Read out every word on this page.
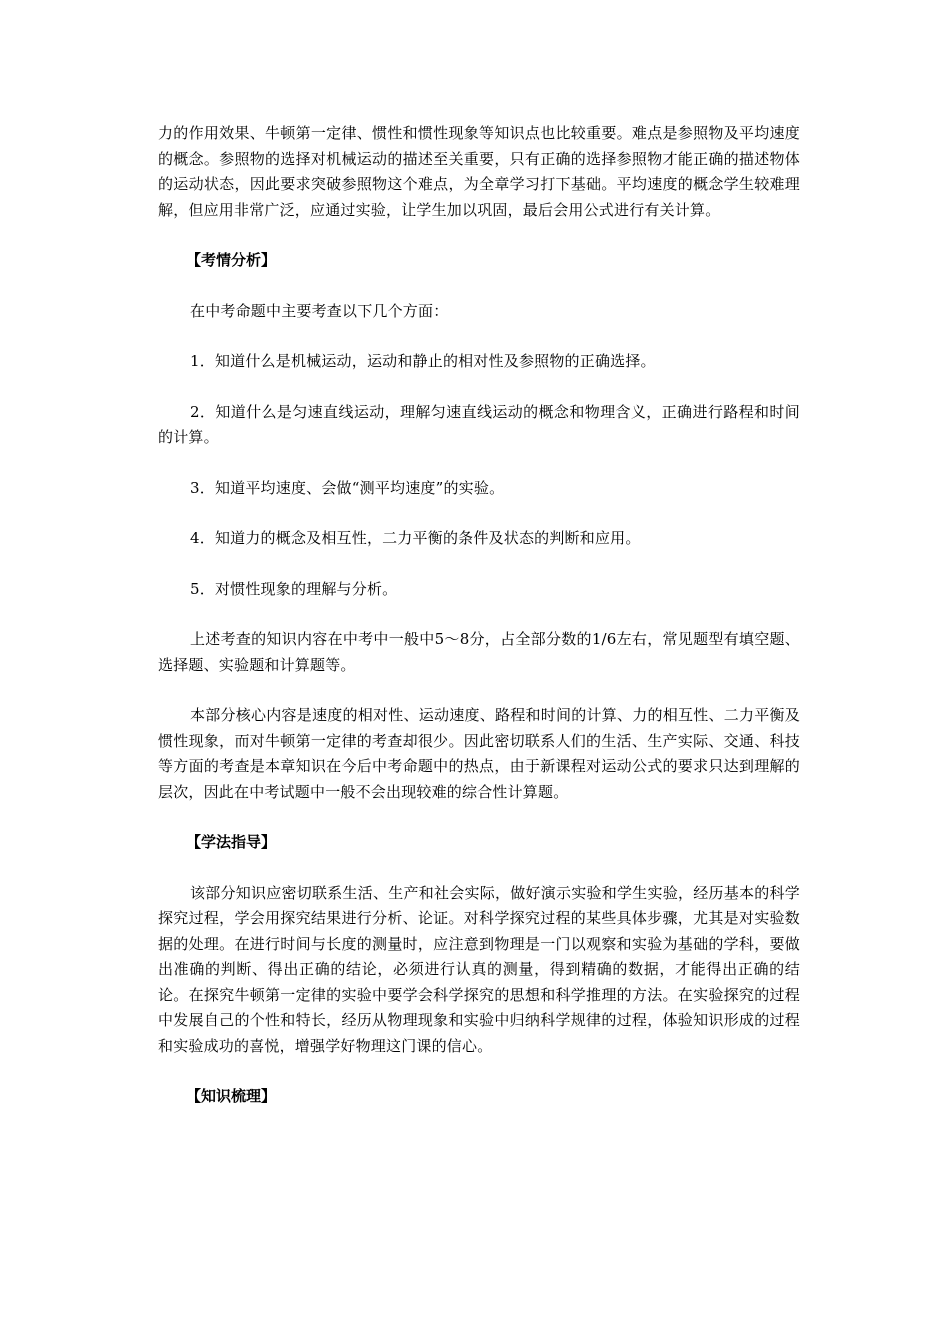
力的作用效果、牛顿第一定律、惯性和惯性现象等知识点也比较重要。难点是参照物及平均速度的概念。参照物的选择对机械运动的描述至关重要，只有正确的选择参照物才能正确的描述物体的运动状态，因此要求突破参照物这个难点，为全章学习打下基础。平均速度的概念学生较难理解，但应用非常广泛，应通过实验，让学生加以巩固，最后会用公式进行有关计算。

【考情分析】

在中考命题中主要考查以下几个方面：

1．知道什么是机械运动，运动和静止的相对性及参照物的正确选择。

2．知道什么是匀速直线运动，理解匀速直线运动的概念和物理含义，正确进行路程和时间的计算。

3．知道平均速度、会做“测平均速度”的实验。

4．知道力的概念及相互性，二力平衡的条件及状态的判断和应用。

5．对惯性现象的理解与分析。

上述考查的知识内容在中考中一般中5～8分，占全部分数的1/6左右，常见题型有填空题、选择题、实验题和计算题等。

本部分核心内容是速度的相对性、运动速度、路程和时间的计算、力的相互性、二力平衡及惯性现象，而对牛顿第一定律的考查却很少。因此密切联系人们的生活、生产实际、交通、科技等方面的考查是本章知识在今后中考命题中的热点，由于新课程对运动公式的要求只达到理解的层次，因此在中考试题中一般不会出现较难的综合性计算题。

【学法指导】

该部分知识应密切联系生活、生产和社会实际，做好演示实验和学生实验，经历基本的科学探究过程，学会用探究结果进行分析、论证。对科学探究过程的某些具体步骤，尤其是对实验数据的处理。在进行时间与长度的测量时，应注意到物理是一门以观察和实验为基础的学科，要做出准确的判断、得出正确的结论，必须进行认真的测量，得到精确的数据，才能得出正确的结论。在探究牛顿第一定律的实验中要学会科学探究的思想和科学推理的方法。在实验探究的过程中发展自己的个性和特长，经历从物理现象和实验中归纳科学规律的过程，体验知识形成的过程和实验成功的喜悦，增强学好物理这门课的信心。

【知识梳理】
